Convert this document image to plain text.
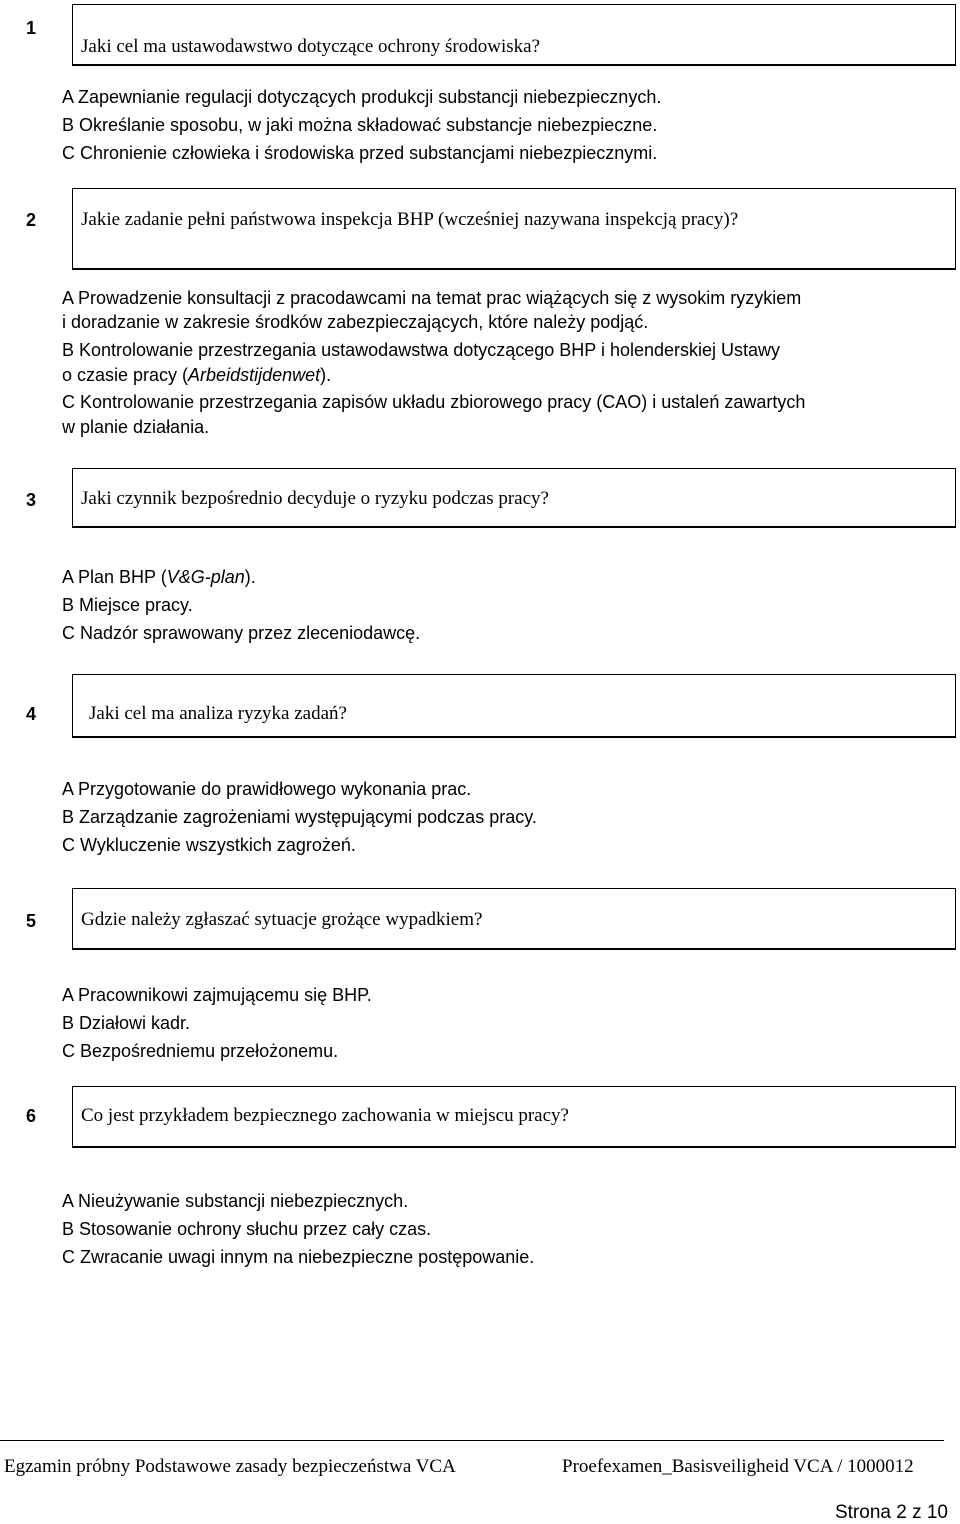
1
Jaki cel ma ustawodawstwo dotyczące ochrony środowiska?
A Zapewnianie regulacji dotyczących produkcji substancji niebezpiecznych.
B Określanie sposobu, w jaki można składować substancje niebezpieczne.
C Chronienie człowieka i środowiska przed substancjami niebezpiecznymi.
2	Jakie zadanie pełni państwowa inspekcja BHP (wcześniej nazywana inspekcją pracy)?
A Prowadzenie konsultacji z pracodawcami na temat prac wiążących się z wysokim ryzykiem
i doradzanie w zakresie środków zabezpieczających, które należy podjąć.
B Kontrolowanie przestrzegania ustawodawstwa dotyczącego BHP i holenderskiej Ustawy
o czasie pracy (Arbeidstijdenwet).
C Kontrolowanie przestrzegania zapisów układu zbiorowego pracy (CAO) i ustaleń zawartych
w planie działania.
3	Jaki czynnik bezpośrednio decyduje o ryzyku podczas pracy?
A Plan BHP (V&G-plan).
B Miejsce pracy.
C Nadzór sprawowany przez zleceniodawcę.
4	Jaki cel ma analiza ryzyka zadań?
A Przygotowanie do prawidłowego wykonania prac.
B Zarządzanie zagrożeniami występującymi podczas pracy.
C Wykluczenie wszystkich zagrożeń.
5	Gdzie należy zgłaszać sytuacje grożące wypadkiem?
A Pracownikowi zajmującemu się BHP.
B Działowi kadr.
C Bezpośredniemu przełożonemu.
6	Co jest przykładem bezpiecznego zachowania w miejscu pracy?
A Nieużywanie substancji niebezpiecznych.
B Stosowanie ochrony słuchu przez cały czas.
C Zwracanie uwagi innym na niebezpieczne postępowanie.
Egzamin próbny Podstawowe zasady bezpieczeństwa VCA	Proefexamen_Basisveiligheid VCA / 1000012
Strona 2 z 10
